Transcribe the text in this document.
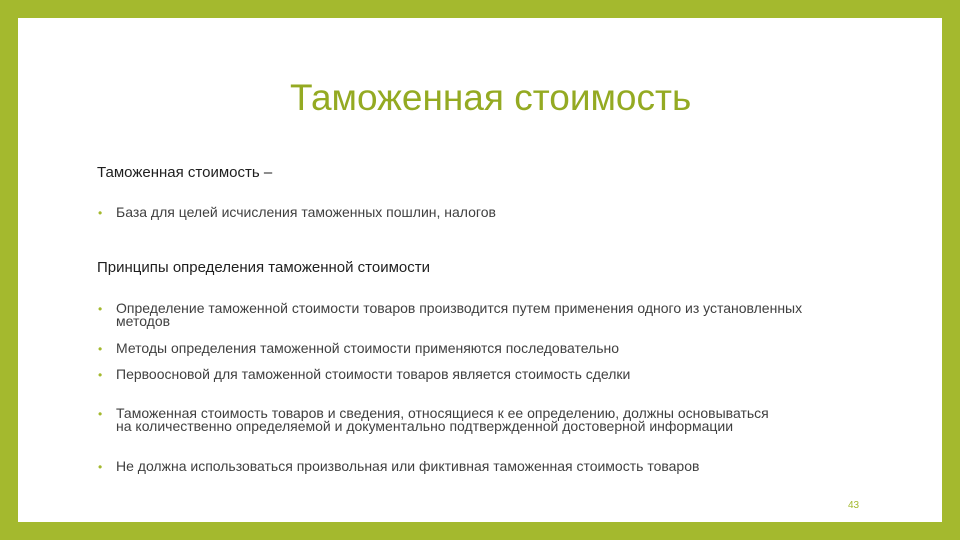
Таможенная стоимость

Таможенная стоимость –

• База для целей исчисления таможенных пошлин, налогов

Принципы определения таможенной стоимости

• Определение таможенной стоимости товаров производится путем применения одного из установленных методов
• Методы определения таможенной стоимости применяются последовательно
• Первоосновой для таможенной стоимости товаров является стоимость сделки
• Таможенная стоимость товаров и сведения, относящиеся к ее определению, должны основываться на количественно определяемой и документально подтвержденной достоверной информации
• Не должна использоваться произвольная или фиктивная таможенная стоимость товаров
43
